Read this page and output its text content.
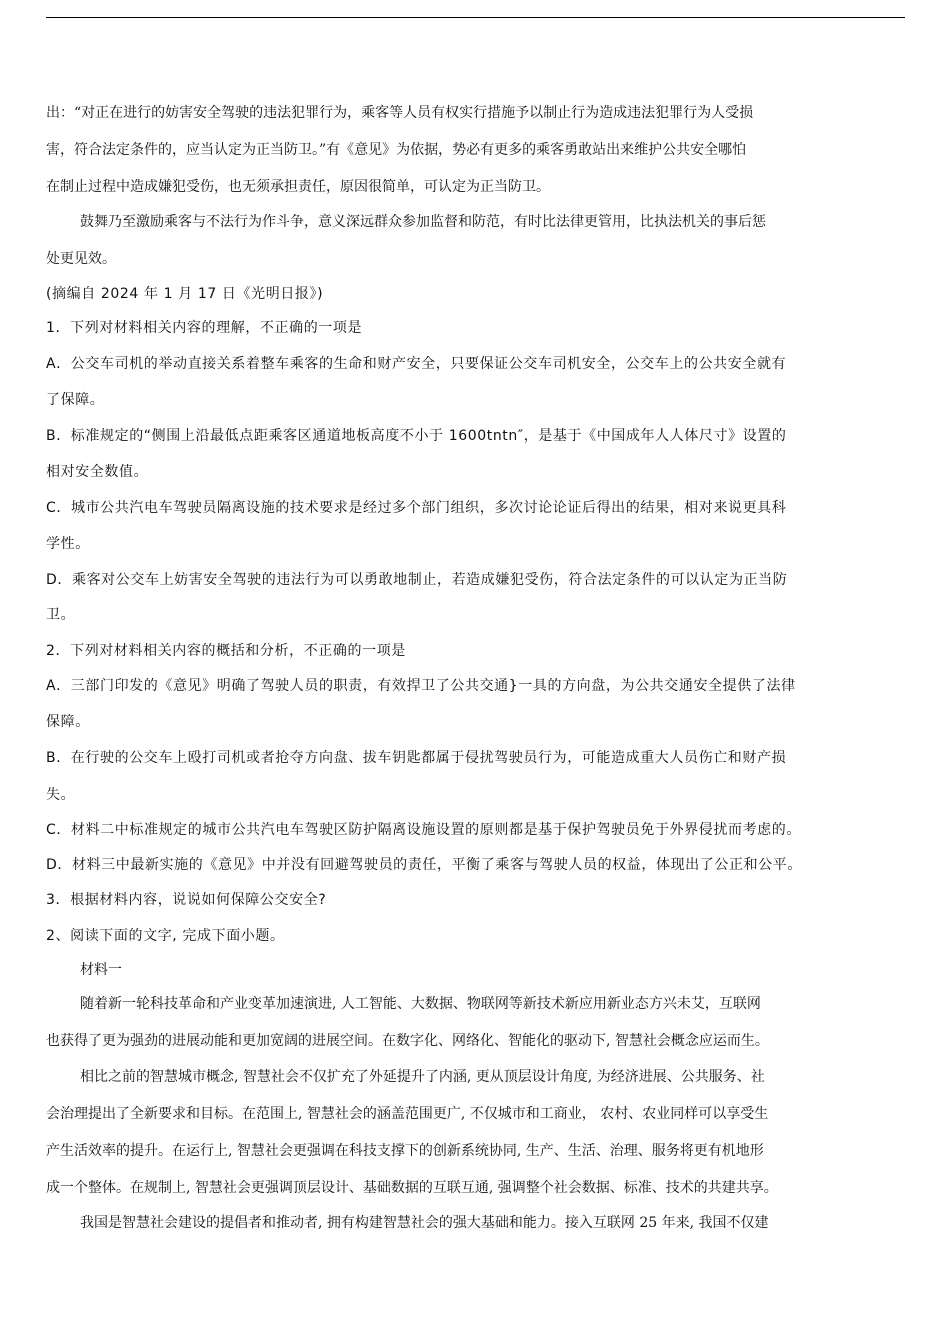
出：“对正在进行的妨害安全驾驶的违法犯罪行为，乘客等人员有权实行措施予以制止行为造成违法犯罪行为人受损
害，符合法定条件的，应当认定为正当防卫。”有《意见》为依据，势必有更多的乘客勇敢站出来维护公共安全哪怕
在制止过程中造成嫌犯受伤，也无须承担责任，原因很简单，可认定为正当防卫。
鼓舞乃至激励乘客与不法行为作斗争，意义深远群众参加监督和防范，有时比法律更管用，比执法机关的事后惩
处更见效。
(摘编自 2024 年 1 月 17 日《光明日报》)
1．下列对材料相关内容的理解，不正确的一项是
A．公交车司机的举动直接关系着整车乘客的生命和财产安全，只要保证公交车司机安全，公交车上的公共安全就有
了保障。
B．标准规定的“侧围上沿最低点距乘客区通道地板高度不小于 1600tntn″，是基于《中国成年人人体尺寸》设置的
相对安全数值。
C．城市公共汽电车驾驶员隔离设施的技术要求是经过多个部门组织，多次讨论论证后得出的结果，相对来说更具科
学性。
D．乘客对公交车上妨害安全驾驶的违法行为可以勇敢地制止，若造成嫌犯受伤，符合法定条件的可以认定为正当防
卫。
2．下列对材料相关内容的概括和分析，不正确的一项是
A．三部门印发的《意见》明确了驾驶人员的职责，有效捍卫了公共交通}一具的方向盘，为公共交通安全提供了法律
保障。
B．在行驶的公交车上殴打司机或者抢夺方向盘、拔车钥匙都属于侵扰驾驶员行为，可能造成重大人员伤亡和财产损
失。
C．材料二中标准规定的城市公共汽电车驾驶区防护隔离设施设置的原则都是基于保护驾驶员免于外界侵扰而考虑的。
D．材料三中最新实施的《意见》中并没有回避驾驶员的责任，平衡了乘客与驾驶人员的权益，体现出了公正和公平。
3．根据材料内容，说说如何保障公交安全?
2、阅读下面的文字, 完成下面小题。
材料一
随着新一轮科技革命和产业变革加速演进, 人工智能、大数据、物联网等新技术新应用新业态方兴未艾，互联网
也获得了更为强劲的进展动能和更加宽阔的进展空间。在数字化、网络化、智能化的驱动下, 智慧社会概念应运而生。
相比之前的智慧城市概念, 智慧社会不仅扩充了外延提升了内涵, 更从顶层设计角度, 为经济进展、公共服务、社
会治理提出了全新要求和目标。在范围上, 智慧社会的涵盖范围更广, 不仅城市和工商业， 农村、农业同样可以享受生
产生活效率的提升。在运行上, 智慧社会更强调在科技支撑下的创新系统协同, 生产、生活、治理、服务将更有机地形
成一个整体。在规制上, 智慧社会更强调顶层设计、基础数据的互联互通, 强调整个社会数据、标准、技术的共建共享。
我国是智慧社会建设的提倡者和推动者, 拥有构建智慧社会的强大基础和能力。接入互联网 25 年来, 我国不仅建
